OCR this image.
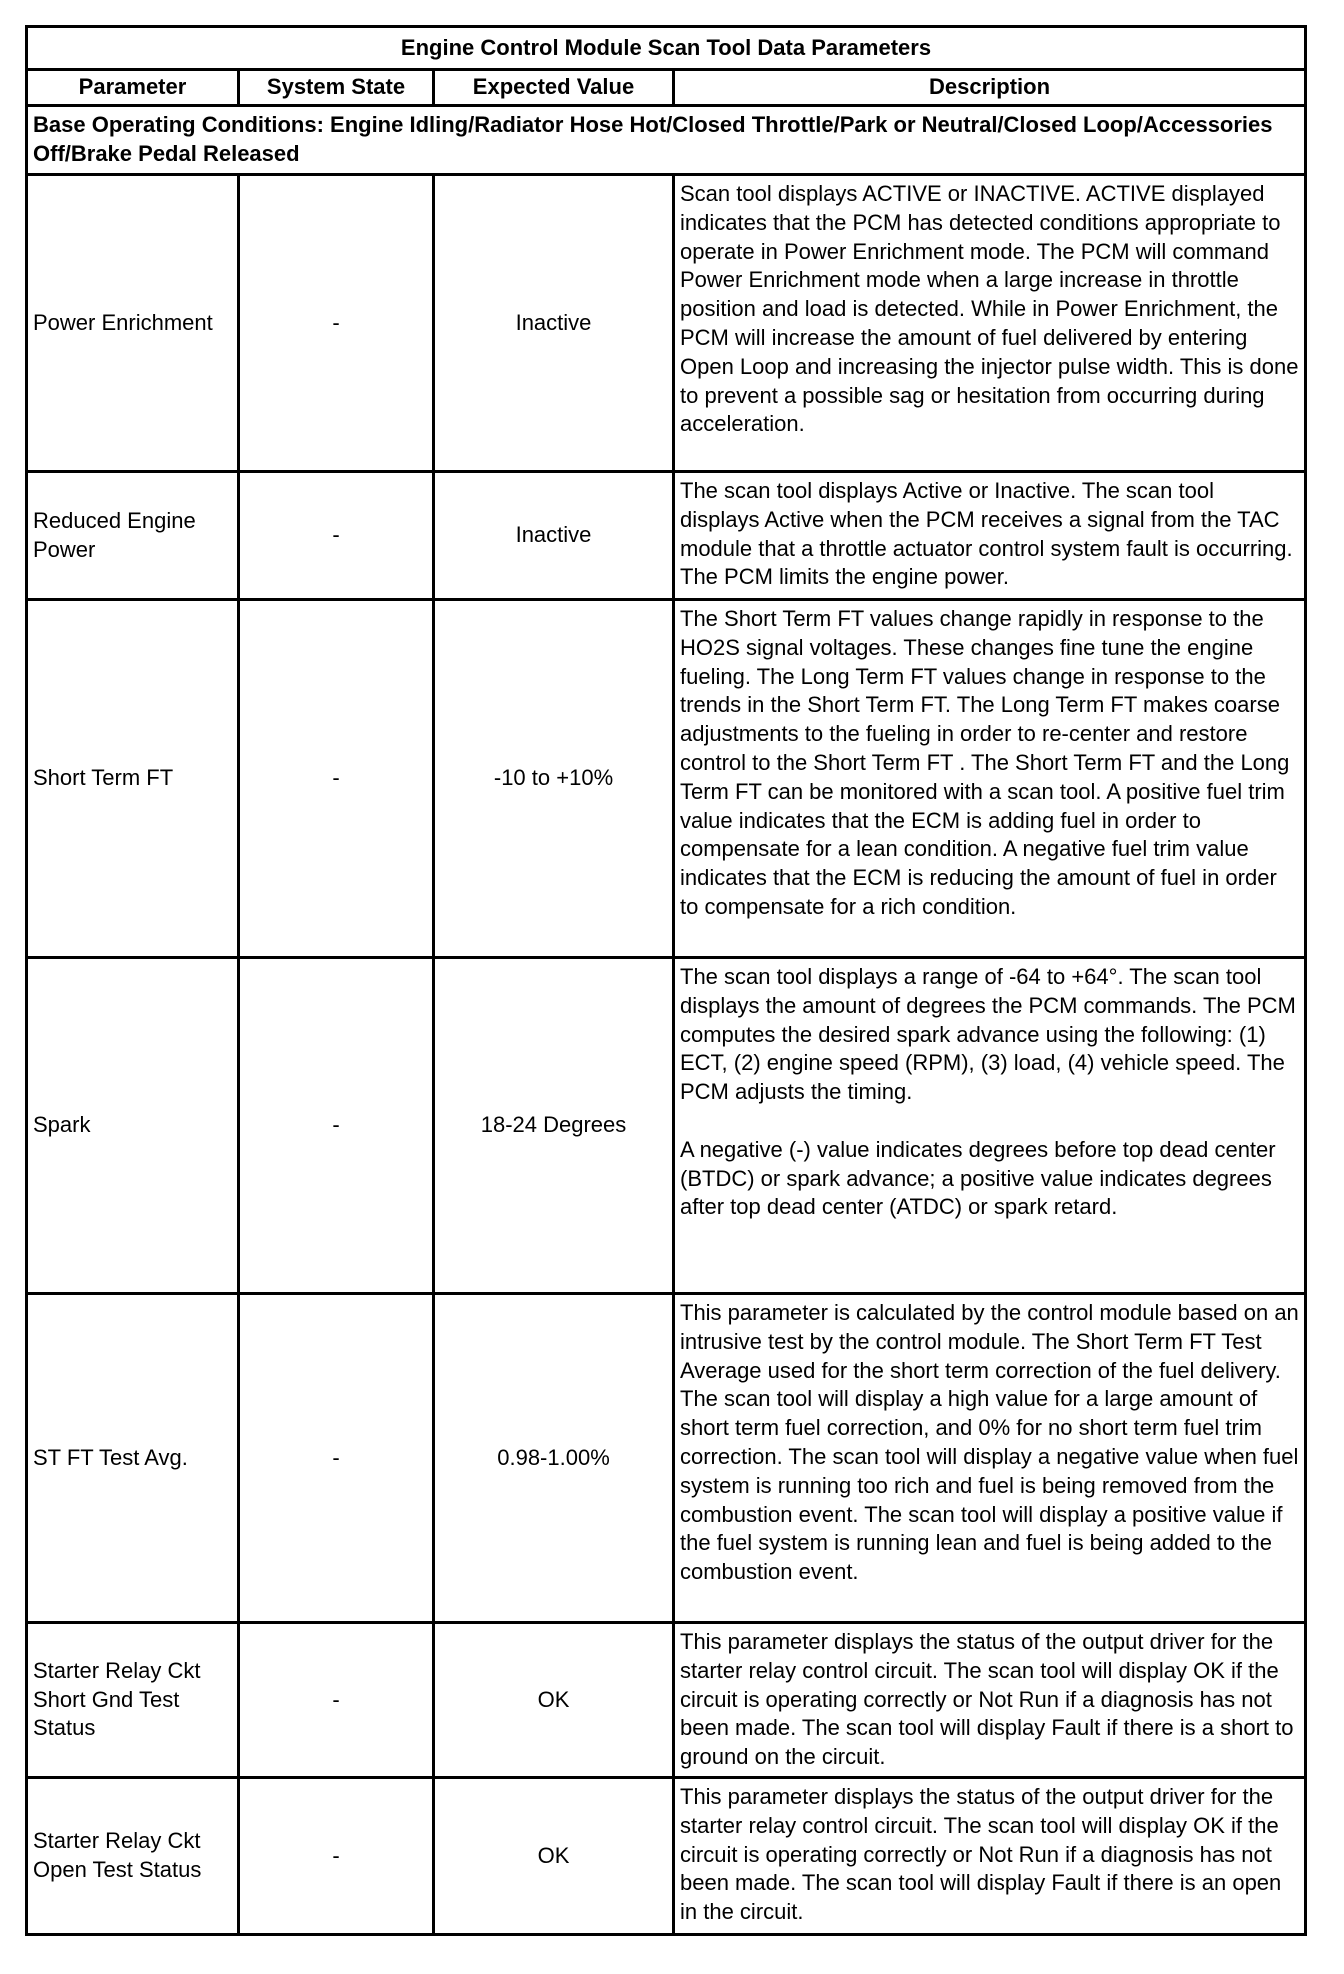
Engine Control Module Scan Tool Data Parameters			
Parameter	System State	Expected Value	Description
Base Operating Conditions: Engine Idling/Radiator Hose Hot/Closed Throttle/Park or Neutral/Closed Loop/Accessories Off/Brake Pedal Released			
Power Enrichment	-	Inactive	Scan tool displays ACTIVE or INACTIVE. ACTIVE displayed indicates that the PCM has detected conditions appropriate to operate in Power Enrichment mode. The PCM will command Power Enrichment mode when a large increase in throttle position and load is detected. While in Power Enrichment, the PCM will increase the amount of fuel delivered by entering Open Loop and increasing the injector pulse width. This is done to prevent a possible sag or hesitation from occurring during acceleration.

Reduced Engine Power	-	Inactive	The scan tool displays Active or Inactive. The scan tool displays Active when the PCM receives a signal from the TAC module that a throttle actuator control system fault is occurring. The PCM limits the engine power.

Short Term FT	-	-10 to +10%	The Short Term FT values change rapidly in response to the HO2S signal voltages. These changes fine tune the engine fueling. The Long Term FT values change in response to the trends in the Short Term FT. The Long Term FT makes coarse adjustments to the fueling in order to re-center and restore control to the Short Term FT . The Short Term FT and the Long Term FT can be monitored with a scan tool. A positive fuel trim value indicates that the ECM is adding fuel in order to compensate for a lean condition. A negative fuel trim value indicates that the ECM is reducing the amount of fuel in order to compensate for a rich condition.

Spark	-	18-24 Degrees	The scan tool displays a range of -64 to +64°. The scan tool displays the amount of degrees the PCM commands. The PCM computes the desired spark advance using the following: (1) ECT, (2) engine speed (RPM), (3) load, (4) vehicle speed. The PCM adjusts the timing.
A negative (-) value indicates degrees before top dead center (BTDC) or spark advance; a positive value indicates degrees after top dead center (ATDC) or spark retard.

ST FT Test Avg.	-	0.98-1.00%	This parameter is calculated by the control module based on an intrusive test by the control module. The Short Term FT Test Average used for the short term correction of the fuel delivery. The scan tool will display a high value for a large amount of short term fuel correction, and 0% for no short term fuel trim correction. The scan tool will display a negative value when fuel system is running too rich and fuel is being removed from the combustion event. The scan tool will display a positive value if the fuel system is running lean and fuel is being added to the combustion event.

Starter Relay Ckt Short Gnd Test Status	-	OK	This parameter displays the status of the output driver for the starter relay control circuit. The scan tool will display OK if the circuit is operating correctly or Not Run if a diagnosis has not been made. The scan tool will display Fault if there is a short to ground on the circuit.

Starter Relay Ckt Open Test Status	-	OK	This parameter displays the status of the output driver for the starter relay control circuit. The scan tool will display OK if the circuit is operating correctly or Not Run if a diagnosis has not been made. The scan tool will display Fault if there is an open in the circuit.
